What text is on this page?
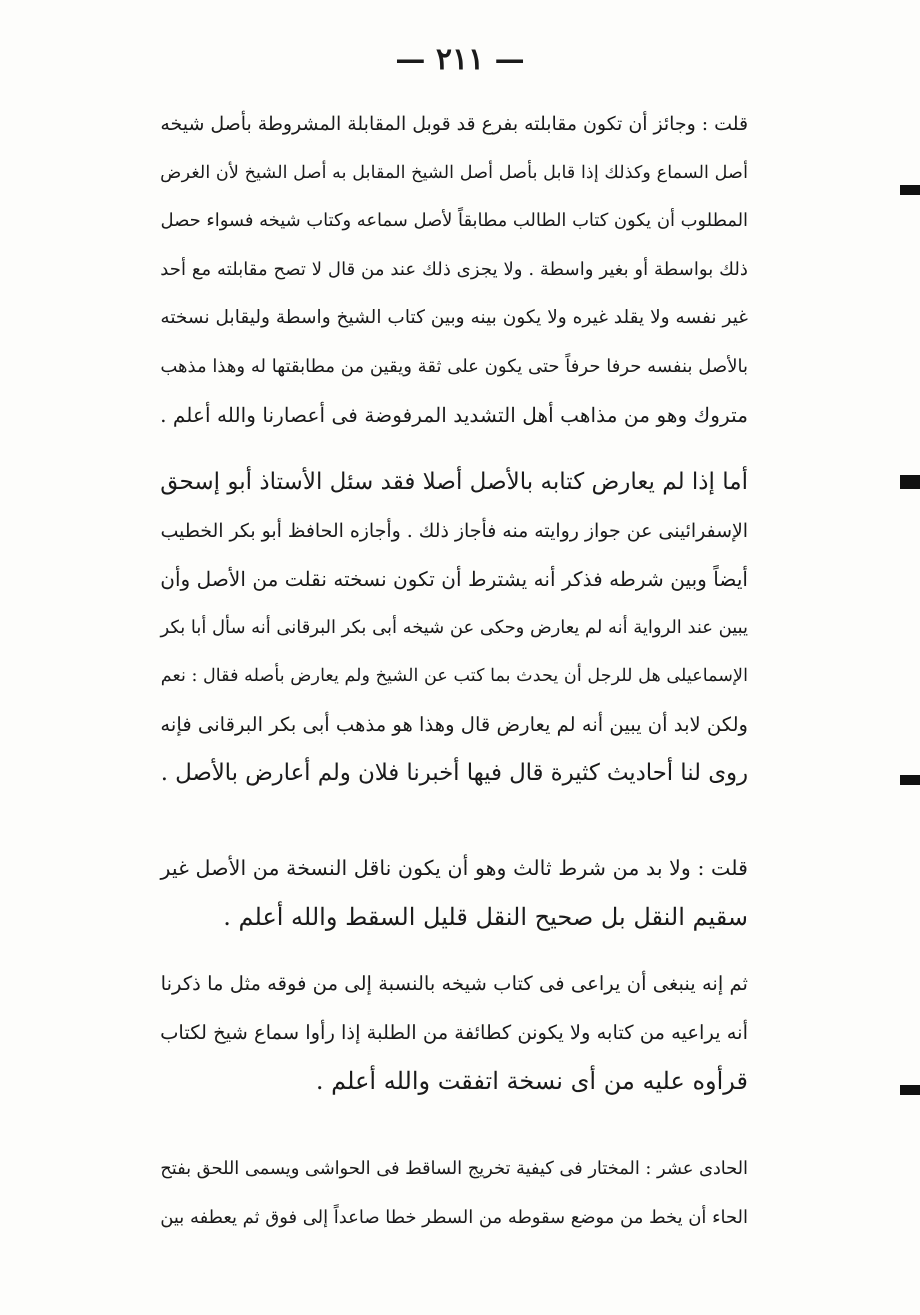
— ٢١١ —
قلت : وجائز أن تكون مقابلته بفرع قد قوبل المقابلة المشروطة بأصل شيخه
أصل السماع وكذلك إذا قابل بأصل أصل الشيخ المقابل به أصل الشيخ لأن الغرض
المطلوب أن يكون كتاب الطالب مطابقاً لأصل سماعه وكتاب شيخه فسواء حصل
ذلك بواسطة أو بغير واسطة . ولا يجزى ذلك عند من قال لا تصح مقابلته مع أحد
غير نفسه ولا يقلد غيره ولا يكون بينه وبين كتاب الشيخ واسطة وليقابل نسخته
بالأصل بنفسه حرفا حرفاً حتى يكون على ثقة ويقين من مطابقتها له وهذا مذهب
متروك وهو من مذاهب أهل التشديد المرفوضة فى أعصارنا والله أعلم .
أما إذا لم يعارض كتابه بالأصل أصلا فقد سئل الأستاذ أبو إسحق
الإسفرائينى عن جواز روايته منه فأجاز ذلك . وأجازه الحافظ أبو بكر الخطيب
أيضاً وبين شرطه فذكر أنه يشترط أن تكون نسخته نقلت من الأصل وأن
يبين عند الرواية أنه لم يعارض وحكى عن شيخه أبى بكر البرقانى أنه سأل أبا بكر
الإسماعيلى هل للرجل أن يحدث بما كتب عن الشيخ ولم يعارض بأصله فقال : نعم
ولكن لابد أن يبين أنه لم يعارض قال وهذا هو مذهب أبى بكر البرقانى فإنه
روى لنا أحاديث كثيرة قال فيها أخبرنا فلان ولم أعارض بالأصل .
قلت : ولا بد من شرط ثالث وهو أن يكون ناقل النسخة من الأصل غير
سقيم النقل بل صحيح النقل قليل السقط والله أعلم .
ثم إنه ينبغى أن يراعى فى كتاب شيخه بالنسبة إلى من فوقه مثل ما ذكرنا
أنه يراعيه من كتابه ولا يكونن كطائفة من الطلبة إذا رأوا سماع شيخ لكتاب
قرأوه عليه من أى نسخة اتفقت والله أعلم .
الحادى عشر : المختار فى كيفية تخريج الساقط فى الحواشى ويسمى اللحق بفتح
الحاء أن يخط من موضع سقوطه من السطر خطا صاعداً إلى فوق ثم يعطفه بين
